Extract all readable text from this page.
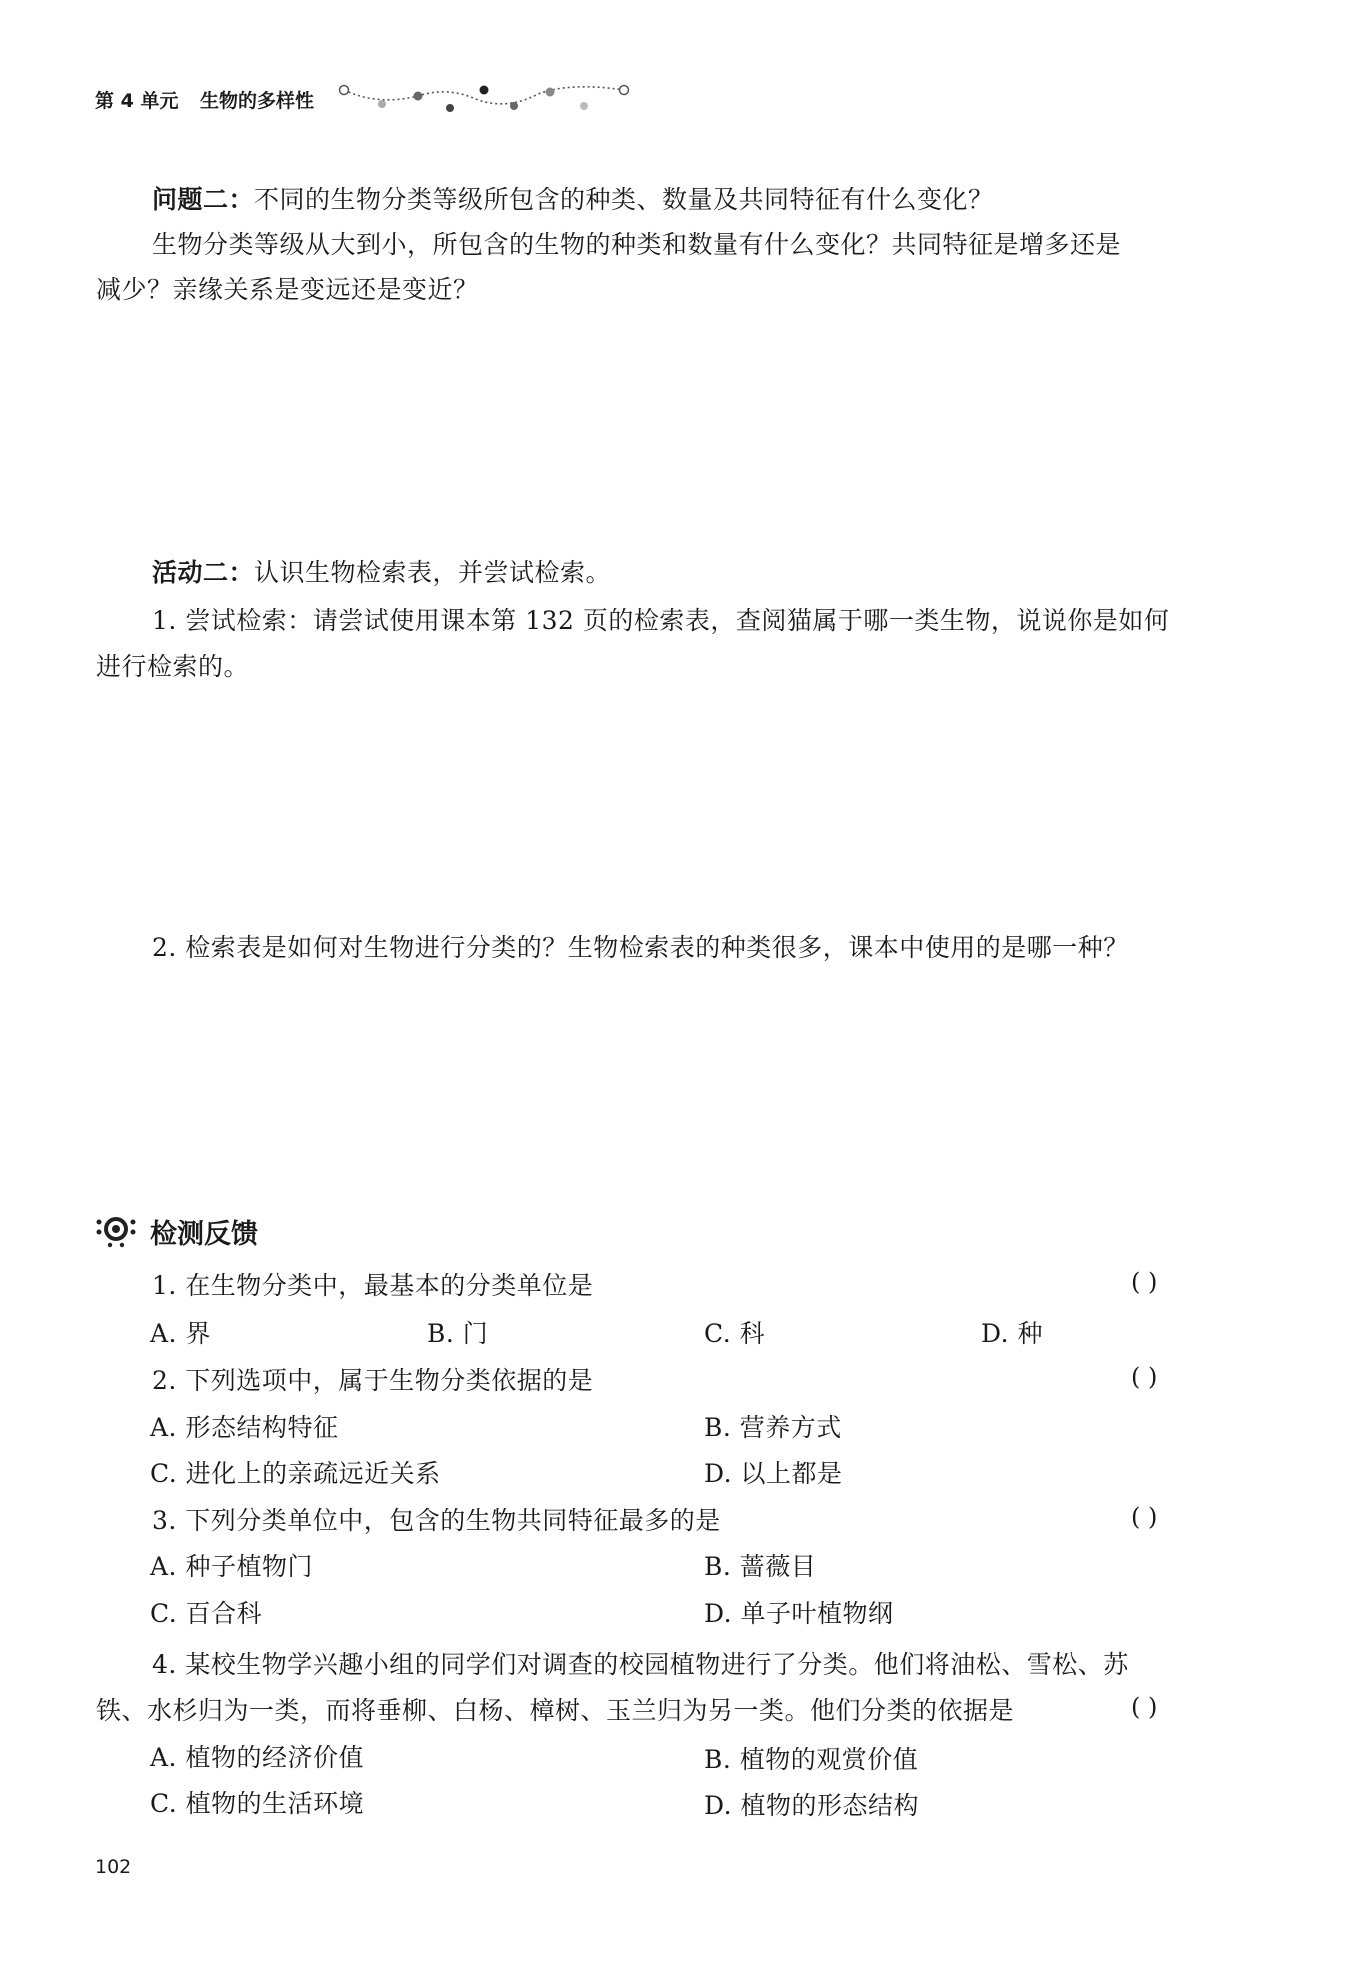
第 4 单元 生物的多样性
问题二：不同的生物分类等级所包含的种类、数量及共同特征有什么变化？
生物分类等级从大到小，所包含的生物的种类和数量有什么变化？共同特征是增多还是
减少？亲缘关系是变远还是变近？
活动二：认识生物检索表，并尝试检索。
1. 尝试检索：请尝试使用课本第 132 页的检索表，查阅猫属于哪一类生物，说说你是如何
进行检索的。
2. 检索表是如何对生物进行分类的？生物检索表的种类很多，课本中使用的是哪一种？
检测反馈
1. 在生物分类中，最基本的分类单位是	( )
A. 界	B. 门	C. 科	D. 种
2. 下列选项中，属于生物分类依据的是	( )
A. 形态结构特征	B. 营养方式
C. 进化上的亲疏远近关系	D. 以上都是
3. 下列分类单位中，包含的生物共同特征最多的是	( )
A. 种子植物门	B. 蔷薇目
C. 百合科	D. 单子叶植物纲
4. 某校生物学兴趣小组的同学们对调查的校园植物进行了分类。他们将油松、雪松、苏
铁、水杉归为一类，而将垂柳、白杨、樟树、玉兰归为另一类。他们分类的依据是	( )
A. 植物的经济价值	B. 植物的观赏价值
C. 植物的生活环境	D. 植物的形态结构
102
